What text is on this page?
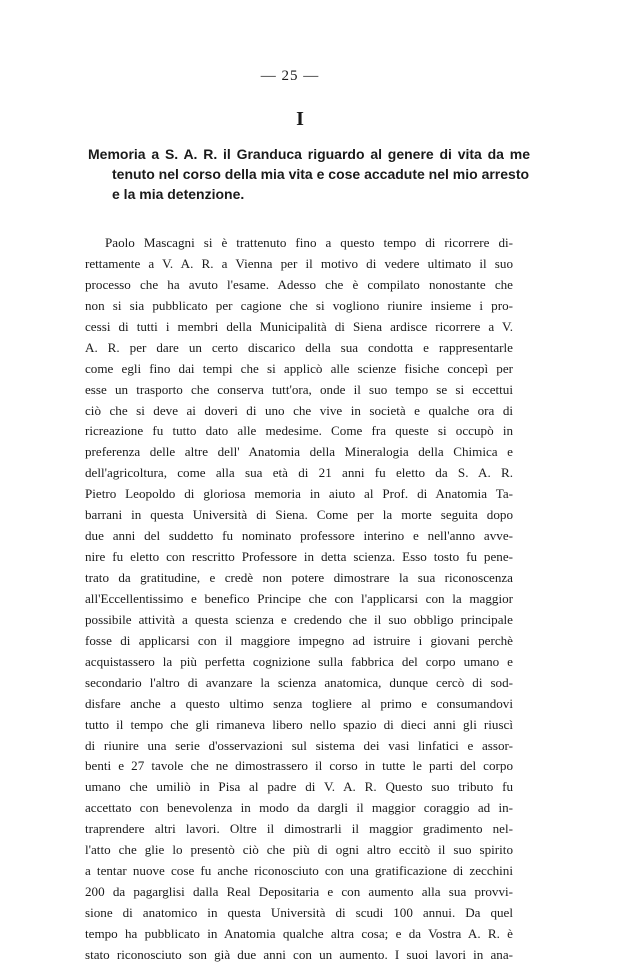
— 25 —
I
Memoria a S. A. R. il Granduca riguardo al genere di vita da me
tenuto nel corso della mia vita e cose accadute nel mio arresto
e la mia detenzione.
Paolo Mascagni si è trattenuto fino a questo tempo di ricorrere di-
rettamente a V. A. R. a Vienna per il motivo di vedere ultimato il suo
processo che ha avuto l'esame. Adesso che è compilato nonostante che
non si sia pubblicato per cagione che si vogliono riunire insieme i pro-
cessi di tutti i membri della Municipalità di Siena ardisce ricorrere a V.
A. R. per dare un certo discarico della sua condotta e rappresentarle
come egli fino dai tempi che si applicò alle scienze fisiche concepì per
esse un trasporto che conserva tutt'ora, onde il suo tempo se si eccettui
ciò che si deve ai doveri di uno che vive in società e qualche ora di
ricreazione fu tutto dato alle medesime. Come fra queste si occupò in
preferenza delle altre dell' Anatomia della Mineralogia della Chimica e
dell'agricoltura, come alla sua età di 21 anni fu eletto da S. A. R.
Pietro Leopoldo di gloriosa memoria in aiuto al Prof. di Anatomia Ta-
barrani in questa Università di Siena. Come per la morte seguita dopo
due anni del suddetto fu nominato professore interino e nell'anno avve-
nire fu eletto con rescritto Professore in detta scienza. Esso tosto fu pene-
trato da gratitudine, e credè non potere dimostrare la sua riconoscenza
all'Eccellentissimo e benefico Principe che con l'applicarsi con la maggior
possibile attività a questa scienza e credendo che il suo obbligo principale
fosse di applicarsi con il maggiore impegno ad istruire i giovani perchè
acquistassero la più perfetta cognizione sulla fabbrica del corpo umano e
secondario l'altro di avanzare la scienza anatomica, dunque cercò di sod-
disfare anche a questo ultimo senza togliere al primo e consumandovi
tutto il tempo che gli rimaneva libero nello spazio di dieci anni gli riuscì
di riunire una serie d'osservazioni sul sistema dei vasi linfatici e assor-
benti e 27 tavole che ne dimostrassero il corso in tutte le parti del corpo
umano che umiliò in Pisa al padre di V. A. R. Questo suo tributo fu
accettato con benevolenza in modo da dargli il maggior coraggio ad in-
traprendere altri lavori. Oltre il dimostrarli il maggior gradimento nel-
l'atto che glie lo presentò ciò che più di ogni altro eccitò il suo spirito
a tentar nuove cose fu anche riconosciuto con una gratificazione di zecchini
200 da pagarglisi dalla Real Depositaria e con aumento alla sua provvi-
sione di anatomico in questa Università di scudi 100 annui. Da quel
tempo ha pubblicato in Anatomia qualche altra cosa; e da Vostra A. R. è
stato riconosciuto son già due anni con un aumento. I suoi lavori in ana-
